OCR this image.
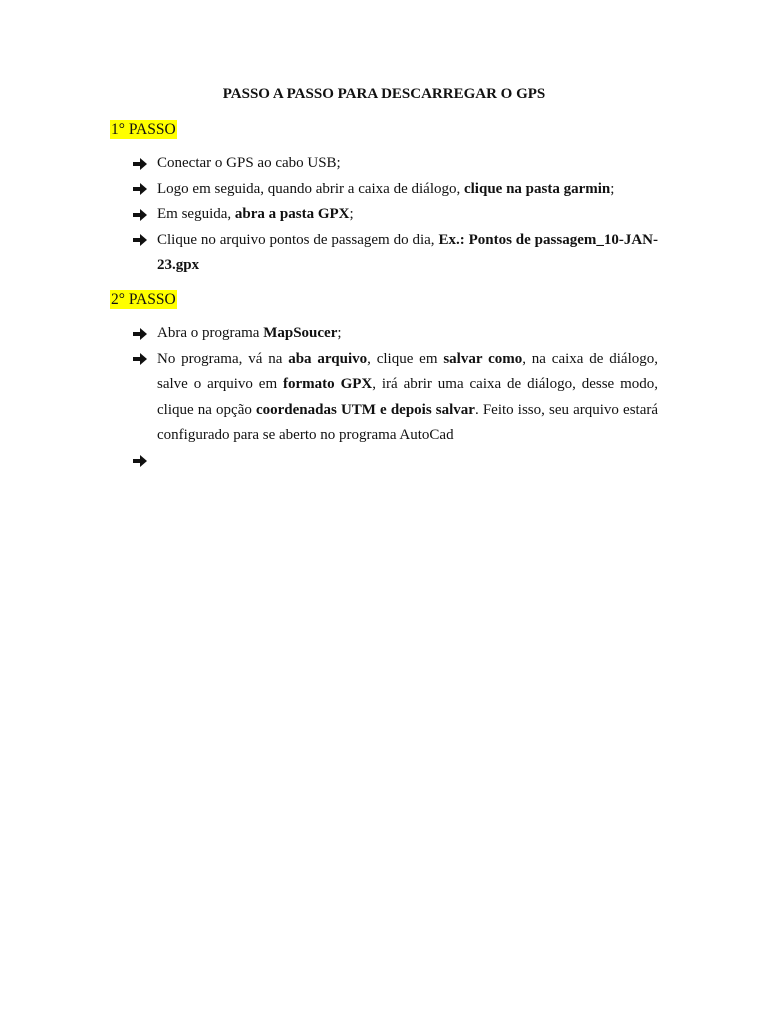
PASSO A PASSO PARA DESCARREGAR O GPS
1° PASSO
Conectar o GPS ao cabo USB;
Logo em seguida, quando abrir a caixa de diálogo, clique na pasta garmin;
Em seguida, abra a pasta GPX;
Clique no arquivo pontos de passagem do dia, Ex.: Pontos de passagem_10-JAN-23.gpx
2° PASSO
Abra o programa MapSoucer;
No programa, vá na aba arquivo, clique em salvar como, na caixa de diálogo, salve o arquivo em formato GPX, irá abrir uma caixa de diálogo, desse modo, clique na opção coordenadas UTM e depois salvar. Feito isso, seu arquivo estará configurado para se aberto no programa AutoCad
